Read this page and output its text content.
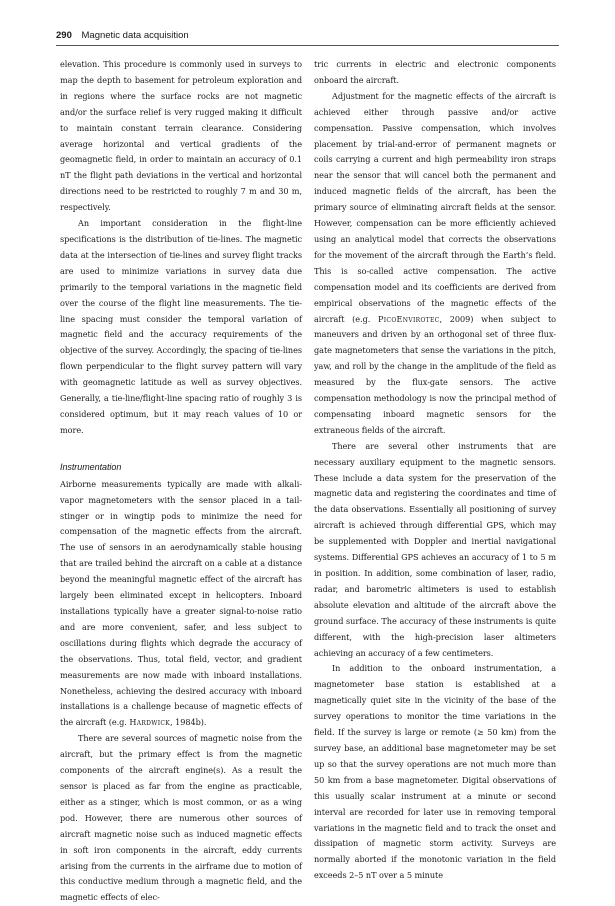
290 Magnetic data acquisition

elevation. This procedure is commonly used in surveys to map the depth to basement for petroleum exploration and in regions where the surface rocks are not magnetic and/or the surface relief is very rugged making it difficult to maintain constant terrain clearance. Considering average horizontal and vertical gradients of the geomagnetic field, in order to maintain an accuracy of 0.1 nT the flight path deviations in the vertical and horizontal directions need to be restricted to roughly 7 m and 30 m, respectively.

An important consideration in the flight-line specifications is the distribution of tie-lines. The magnetic data at the intersection of tie-lines and survey flight tracks are used to minimize variations in survey data due primarily to the temporal variations in the magnetic field over the course of the flight line measurements. The tie-line spacing must consider the temporal variation of magnetic field and the accuracy requirements of the objective of the survey. Accordingly, the spacing of tie-lines flown perpendicular to the flight survey pattern will vary with geomagnetic latitude as well as survey objectives. Generally, a tie-line/flight-line spacing ratio of roughly 3 is considered optimum, but it may reach values of 10 or more.

Instrumentation

Airborne measurements typically are made with alkali-vapor magnetometers with the sensor placed in a tail-stinger or in wingtip pods to minimize the need for compensation of the magnetic effects from the aircraft. The use of sensors in an aerodynamically stable housing that are trailed behind the aircraft on a cable at a distance beyond the meaningful magnetic effect of the aircraft has largely been eliminated except in helicopters. Inboard installations typically have a greater signal-to-noise ratio and are more convenient, safer, and less subject to oscillations during flights which degrade the accuracy of the observations. Thus, total field, vector, and gradient measurements are now made with inboard installations. Nonetheless, achieving the desired accuracy with inboard installations is a challenge because of magnetic effects of the aircraft (e.g. Hardwick, 1984b).

There are several sources of magnetic noise from the aircraft, but the primary effect is from the magnetic components of the aircraft engine(s). As a result the sensor is placed as far from the engine as practicable, either as a stinger, which is most common, or as a wing pod. However, there are numerous other sources of aircraft magnetic noise such as induced magnetic effects in soft iron components in the aircraft, eddy currents arising from the currents in the airframe due to motion of this conductive medium through a magnetic field, and the magnetic effects of elec-

tric currents in electric and electronic components onboard the aircraft.

Adjustment for the magnetic effects of the aircraft is achieved either through passive and/or active compensation. Passive compensation, which involves placement by trial-and-error of permanent magnets or coils carrying a current and high permeability iron straps near the sensor that will cancel both the permanent and induced magnetic fields of the aircraft, has been the primary source of eliminating aircraft fields at the sensor. However, compensation can be more efficiently achieved using an analytical model that corrects the observations for the movement of the aircraft through the Earth’s field. This is so-called active compensation. The active compensation model and its coefficients are derived from empirical observations of the magnetic effects of the aircraft (e.g. PicoEnvirotec, 2009) when subject to maneuvers and driven by an orthogonal set of three flux-gate magnetometers that sense the variations in the pitch, yaw, and roll by the change in the amplitude of the field as measured by the flux-gate sensors. The active compensation methodology is now the principal method of compensating inboard magnetic sensors for the extraneous fields of the aircraft.

There are several other instruments that are necessary auxiliary equipment to the magnetic sensors. These include a data system for the preservation of the magnetic data and registering the coordinates and time of the data observations. Essentially all positioning of survey aircraft is achieved through differential GPS, which may be supplemented with Doppler and inertial navigational systems. Differential GPS achieves an accuracy of 1 to 5 m in position. In addition, some combination of laser, radio, radar, and barometric altimeters is used to establish absolute elevation and altitude of the aircraft above the ground surface. The accuracy of these instruments is quite different, with the high-precision laser altimeters achieving an accuracy of a few centimeters.

In addition to the onboard instrumentation, a magnetometer base station is established at a magnetically quiet site in the vicinity of the base of the survey operations to monitor the time variations in the field. If the survey is large or remote (≥ 50 km) from the survey base, an additional base magnetometer may be set up so that the survey operations are not much more than 50 km from a base magnetometer. Digital observations of this usually scalar instrument at a minute or second interval are recorded for later use in removing temporal variations in the magnetic field and to track the onset and dissipation of magnetic storm activity. Surveys are normally aborted if the monotonic variation in the field exceeds 2–5 nT over a 5 minute
